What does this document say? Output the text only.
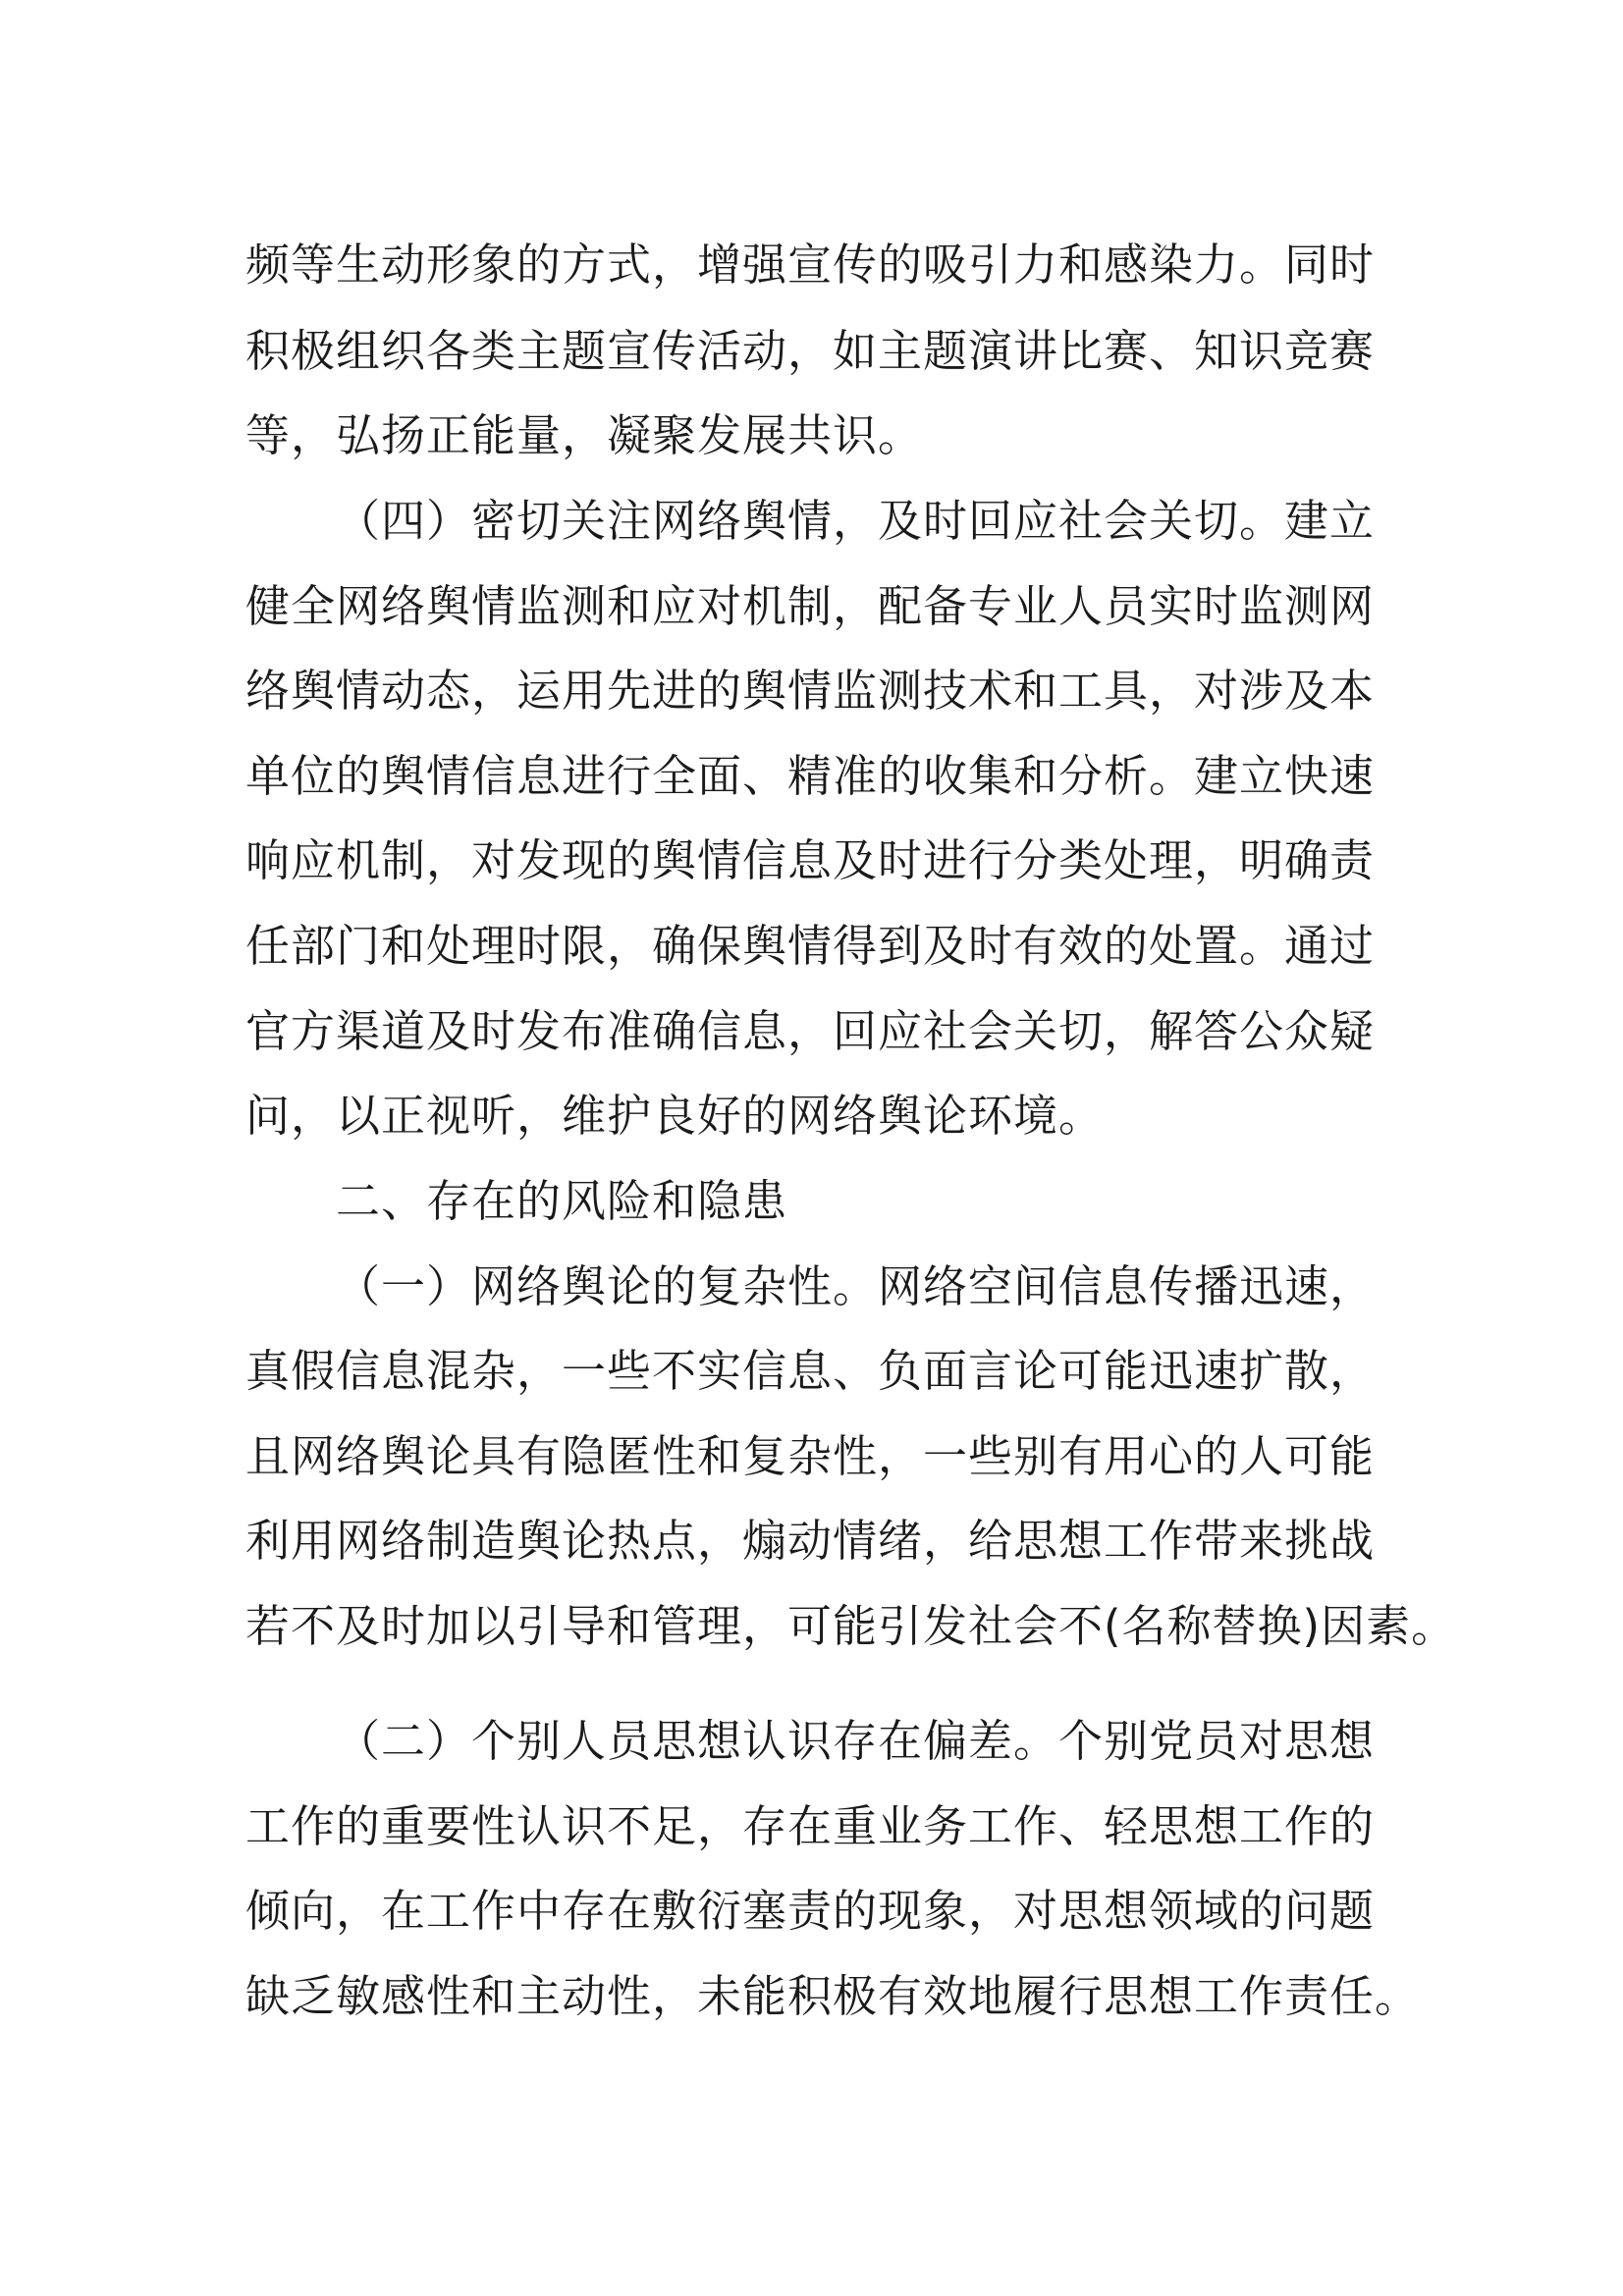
频等生动形象的方式，增强宣传的吸引力和感染力。同时
积极组织各类主题宣传活动，如主题演讲比赛、知识竞赛
等，弘扬正能量，凝聚发展共识。
（四）密切关注网络舆情，及时回应社会关切。建立
健全网络舆情监测和应对机制，配备专业人员实时监测网
络舆情动态，运用先进的舆情监测技术和工具，对涉及本
单位的舆情信息进行全面、精准的收集和分析。建立快速
响应机制，对发现的舆情信息及时进行分类处理，明确责
任部门和处理时限，确保舆情得到及时有效的处置。通过
官方渠道及时发布准确信息，回应社会关切，解答公众疑
问，以正视听，维护良好的网络舆论环境。
二、存在的风险和隐患
（一）网络舆论的复杂性。网络空间信息传播迅速，
真假信息混杂，一些不实信息、负面言论可能迅速扩散，
且网络舆论具有隐匿性和复杂性，一些别有用心的人可能
利用网络制造舆论热点，煽动情绪，给思想工作带来挑战
若不及时加以引导和管理，可能引发社会不(名称替换)因素。
（二）个别人员思想认识存在偏差。个别党员对思想
工作的重要性认识不足，存在重业务工作、轻思想工作的
倾向，在工作中存在敷衍塞责的现象，对思想领域的问题
缺乏敏感性和主动性，未能积极有效地履行思想工作责任。
